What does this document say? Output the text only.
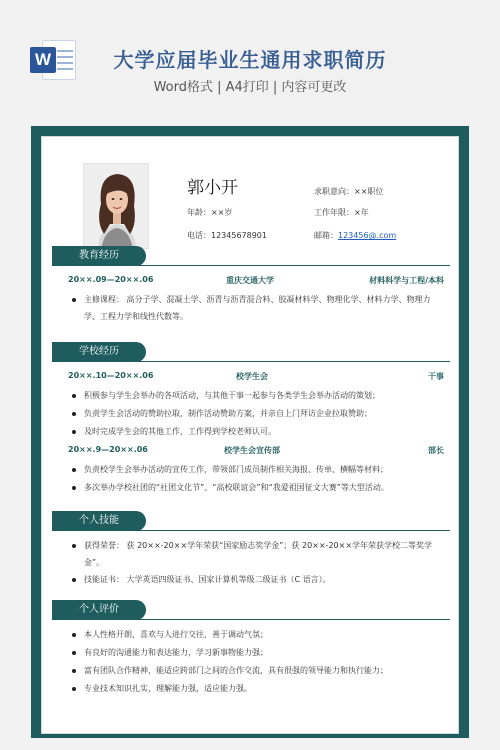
W	大学应届毕业生通用求职简历
Word格式 | A4打印 | 内容可更改
郭小开
年龄：××岁
电话：12345678901
求职意向：××职位
工作年限：×年
邮箱：123456@.com
教育经历
20××.09—20××.06	重庆交通大学	材料科学与工程/本科
主修课程： 高分子学、混凝土学、沥青与沥青混合料、胶凝材料学、物理化学、材料力学、物理力学、工程力学和线性代数等。
学校经历
20××.10—20××.06	校学生会	干事
积极参与学生会举办的各项活动，与其他干事一起参与各类学生会举办活动的策划；
负责学生会活动的赞助拉取，制作活动赞助方案，并亲自上门拜访企业拉取赞助；
及时完成学生会的其他工作，工作得到学校老师认可。
20××.9—20××.06	校学生会宣传部	部长
负责校学生会举办活动的宣传工作，带领部门成员制作相关海报、传单、横幅等材料；
多次举办学校社团的“社团文化节”、“高校联谊会”和“我爱祖国征文大赛”等大型活动。
个人技能
获得荣誉： 获 20××-20××学年荣获“国家励志奖学金”；获 20××-20××学年荣获学校二等奖学金”。
技能证书： 大学英语四级证书、国家计算机等级二级证书（C 语言）。
个人评价
本人性格开朗，喜欢与人进行交往，善于调动气氛；
有良好的沟通能力和表达能力，学习新事物能力强；
富有团队合作精神，能适应跨部门之间的合作交流，具有很强的领导能力和执行能力；
专业技术知识扎实，理解能力强，适应能力强。
